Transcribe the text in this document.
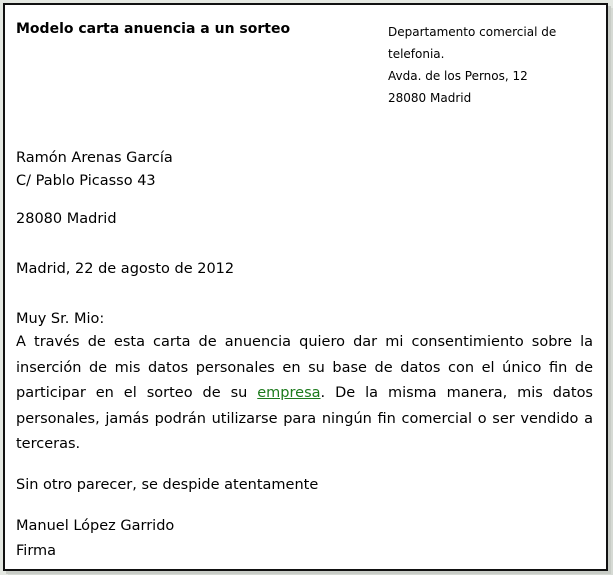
Modelo carta anuencia a un sorteo	Departamento comercial de
telefonia.
Avda. de los Pernos, 12
28080 Madrid
Ramón Arenas García
C/ Pablo Picasso 43
28080 Madrid
Madrid, 22 de agosto de 2012
Muy Sr. Mio:

A través de esta carta de anuencia quiero dar mi consentimiento sobre la inserción de mis datos personales en su base de datos con el único fin de participar en el sorteo de su empresa. De la misma manera, mis datos personales, jamás podrán utilizarse para ningún fin comercial o ser vendido a terceras.

Sin otro parecer, se despide atentamente
Manuel López Garrido
Firma
